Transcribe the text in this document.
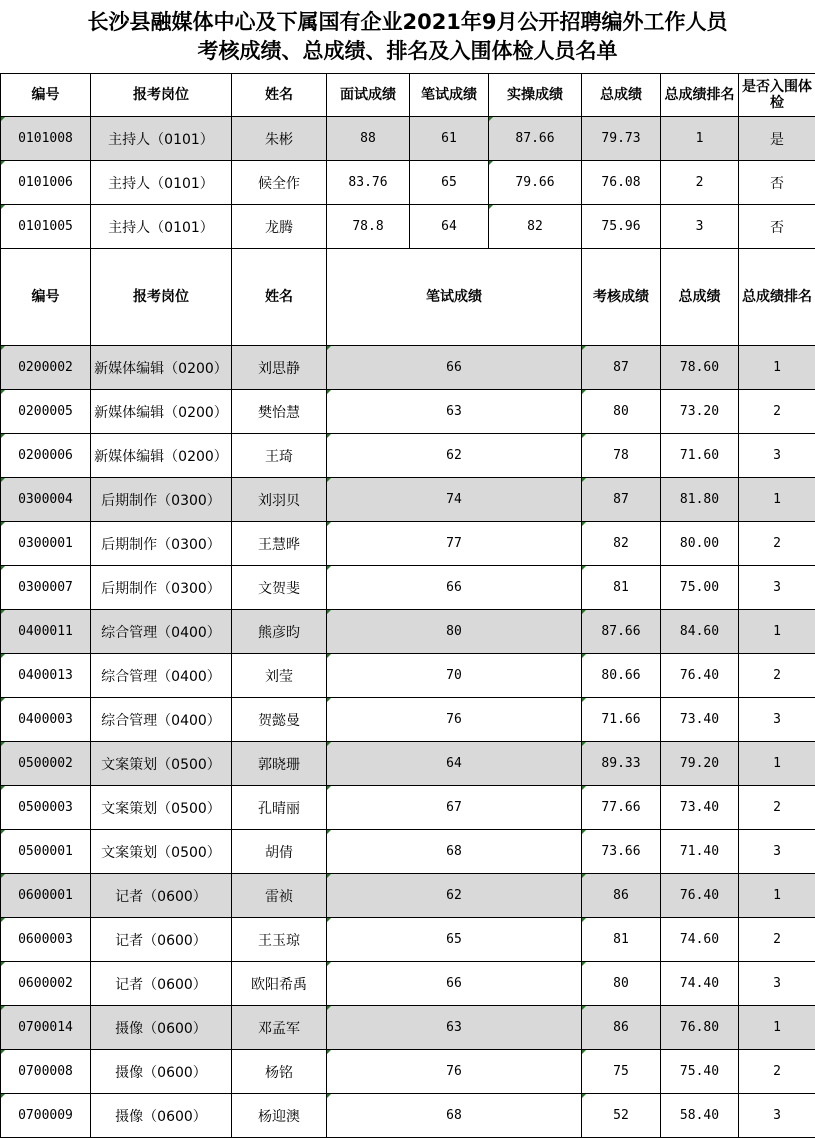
长沙县融媒体中心及下属国有企业2021年9月公开招聘编外工作人员
考核成绩、总成绩、排名及入围体检人员名单
编号	报考岗位	姓名	面试成绩	笔试成绩	实操成绩	总成绩	总成绩排名	是否入围体检	
0101008	主持人（0101）	朱彬	88	61	87.66	79.73	1	是	
0101006	主持人（0101）	候全作	83.76	65	79.66	76.08	2	否	
0101005	主持人（0101）	龙腾	78.8	64	82	75.96	3	否	
编号	报考岗位	姓名	笔试成绩			考核成绩	总成绩	总成绩排名	
0200002	新媒体编辑（0200）	刘思静	66			87	78.60	1	
0200005	新媒体编辑（0200）	樊怡慧	63			80	73.20	2	
0200006	新媒体编辑（0200）	王琦	62			78	71.60	3	
0300004	后期制作（0300）	刘羽贝	74			87	81.80	1	
0300001	后期制作（0300）	王慧晔	77			82	80.00	2	
0300007	后期制作（0300）	文贺斐	66			81	75.00	3	
0400011	综合管理（0400）	熊彦昀	80			87.66	84.60	1	
0400013	综合管理（0400）	刘莹	70			80.66	76.40	2	
0400003	综合管理（0400）	贺懿曼	76			71.66	73.40	3	
0500002	文案策划（0500）	郭晓珊	64			89.33	79.20	1	
0500003	文案策划（0500）	孔晴丽	67			77.66	73.40	2	
0500001	文案策划（0500）	胡倩	68			73.66	71.40	3	
0600001	记者（0600）	雷祯	62			86	76.40	1	
0600003	记者（0600）	王玉琼	65			81	74.60	2	
0600002	记者（0600）	欧阳希禹	66			80	74.40	3	
0700014	摄像（0600）	邓孟军	63			86	76.80	1	
0700008	摄像（0600）	杨铭	76			75	75.40	2	
0700009	摄像（0600）	杨迎澳	68			52	58.40	3	
